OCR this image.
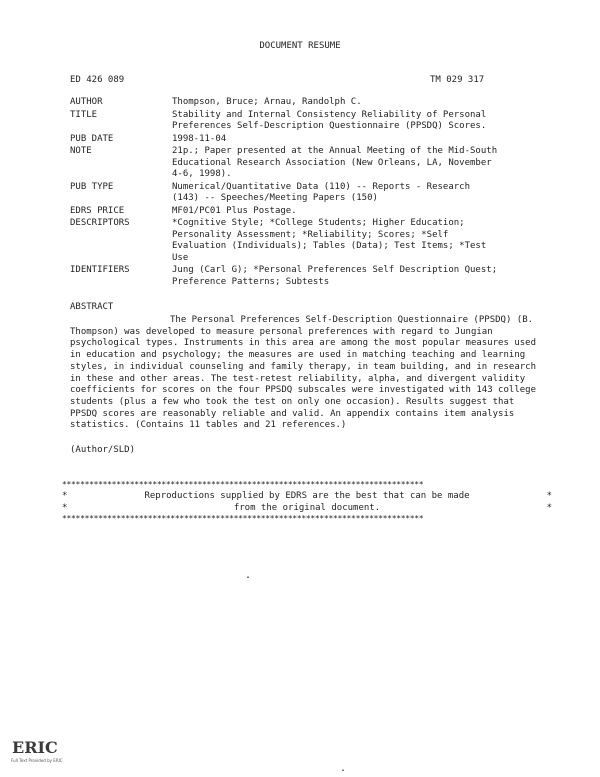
DOCUMENT RESUME
ED 426 089	TM 029 317
AUTHOR	Thompson, Bruce; Arnau, Randolph C.
TITLE	Stability and Internal Consistency Reliability of Personal
Preferences Self-Description Questionnaire (PPSDQ) Scores.
PUB DATE	1998-11-04
NOTE	21p.; Paper presented at the Annual Meeting of the Mid-South
Educational Research Association (New Orleans, LA, November
4-6, 1998).
PUB TYPE	Numerical/Quantitative Data (110) -- Reports - Research
(143) -- Speeches/Meeting Papers (150)
EDRS PRICE	MF01/PC01 Plus Postage.
DESCRIPTORS	*Cognitive Style; *College Students; Higher Education;
Personality Assessment; *Reliability; Scores; *Self
Evaluation (Individuals); Tables (Data); Test Items; *Test
Use
IDENTIFIERS	Jung (Carl G); *Personal Preferences Self Description Quest;
Preference Patterns; Subtests
ABSTRACT
The Personal Preferences Self-Description Questionnaire (PPSDQ) (B. Thompson) was developed to measure personal preferences with regard to Jungian psychological types. Instruments in this area are among the most popular measures used in education and psychology; the measures are used in matching teaching and learning styles, in individual counseling and family therapy, in team building, and in research in these and other areas. The test-retest reliability, alpha, and divergent validity coefficients for scores on the four PPSDQ subscales were investigated with 143 college students (plus a few who took the test on only one occasion). Results suggest that PPSDQ scores are reasonably reliable and valid. An appendix contains item analysis statistics. (Contains 11 tables and 21 references.)
(Author/SLD)
********************************************************************************
*	Reproductions supplied by EDRS are the best that can be made	*
*	from the original document.	*
********************************************************************************
.
.
ERIC
Full Text Provided by ERIC
